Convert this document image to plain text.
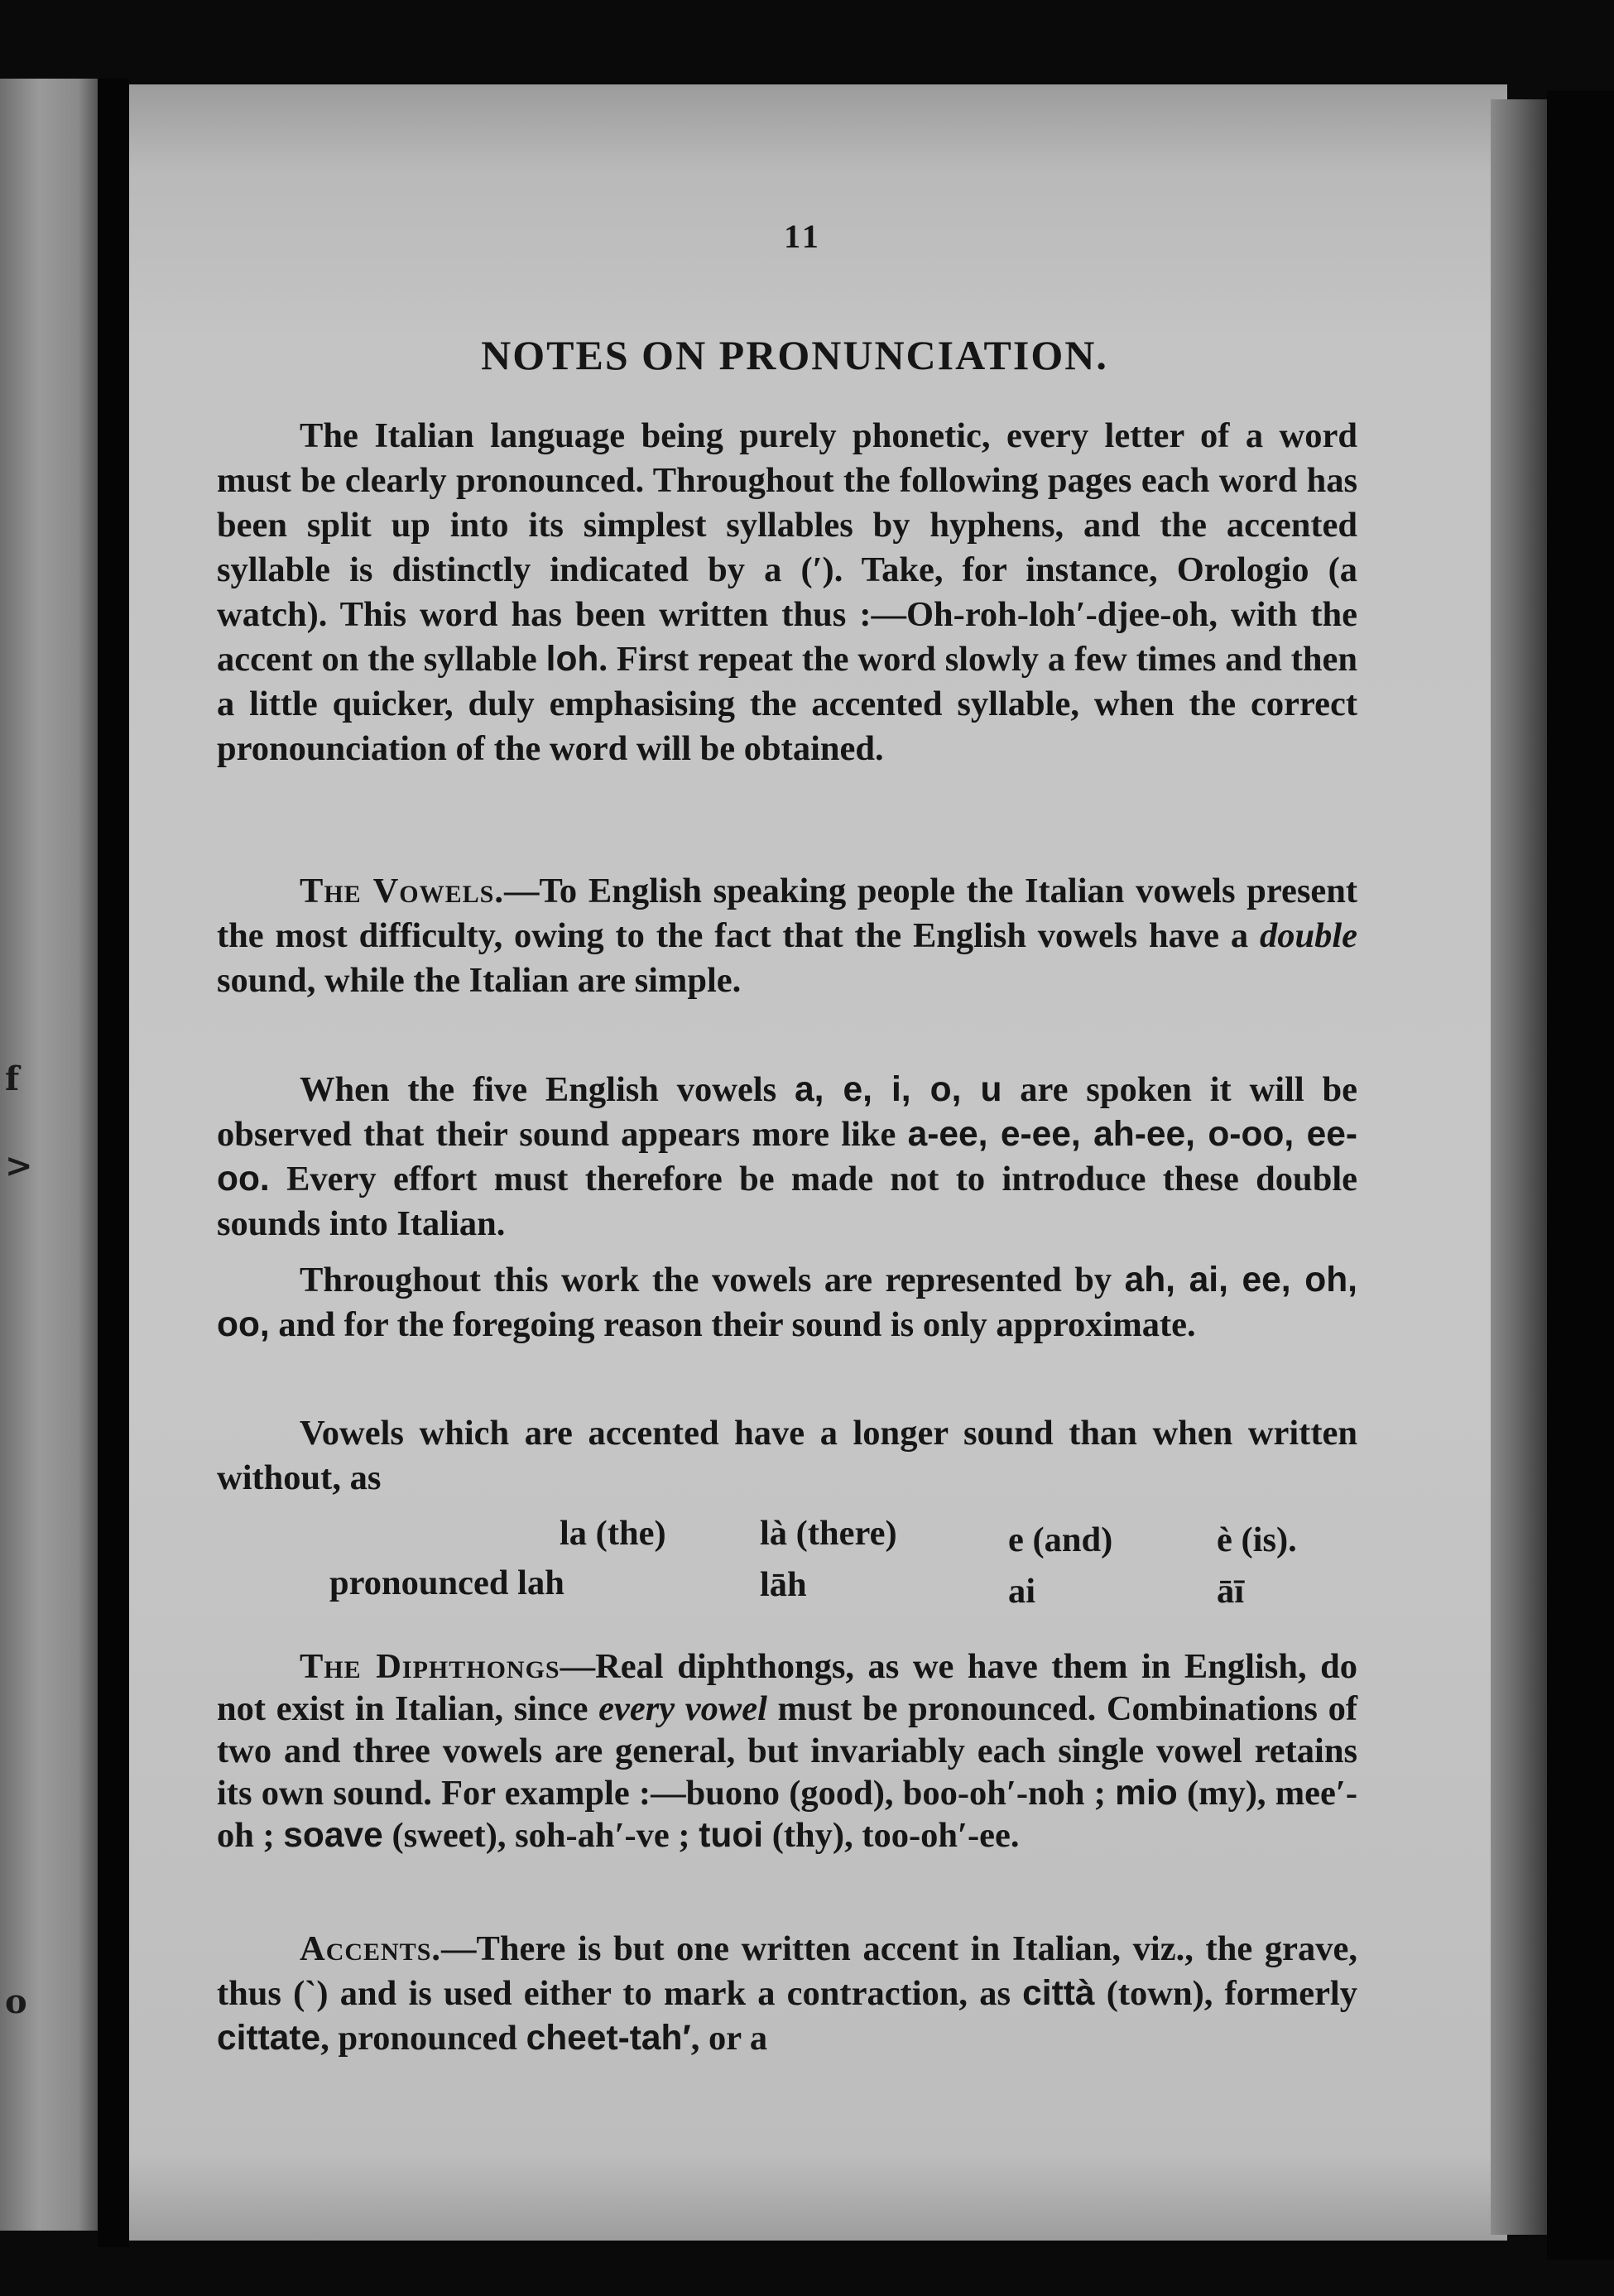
f
>
o
11
NOTES ON PRONUNCIATION.

The Italian language being purely phonetic, every letter of a word must be clearly pronounced. Throughout the following pages each word has been split up into its simplest syllables by hyphens, and the accented syllable is distinctly indicated by a (′). Take, for instance, Orologio (a watch). This word has been written thus :—Oh-roh-loh′-djee-oh, with the accent on the syllable loh. First repeat the word slowly a few times and then a little quicker, duly emphasising the accented syllable, when the correct pronounciation of the word will be obtained.

The Vowels.—To English speaking people the Italian vowels present the most difficulty, owing to the fact that the English vowels have a double sound, while the Italian are simple.

When the five English vowels a, e, i, o, u are spoken it will be observed that their sound appears more like a-ee, e-ee, ah-ee, o-oo, ee-oo. Every effort must therefore be made not to introduce these double sounds into Italian.

Throughout this work the vowels are represented by ah, ai, ee, oh, oo, and for the foregoing reason their sound is only approximate.

Vowels which are accented have a longer sound than when written without, as

la (the)	là (there)	e (and)	è (is).
pronounced lah	lāh	ai	āī

The Diphthongs—Real diphthongs, as we have them in English, do not exist in Italian, since every vowel must be pronounced. Combinations of two and three vowels are general, but invariably each single vowel retains its own sound. For example :—buono (good), boo-oh′-noh ; mio (my), mee′-oh ; soave (sweet), soh-ah′-ve ; tuoi (thy), too-oh′-ee.

Accents.—There is but one written accent in Italian, viz., the grave, thus (`) and is used either to mark a contraction, as città (town), formerly cittate, pronounced cheet-tah′, or a
